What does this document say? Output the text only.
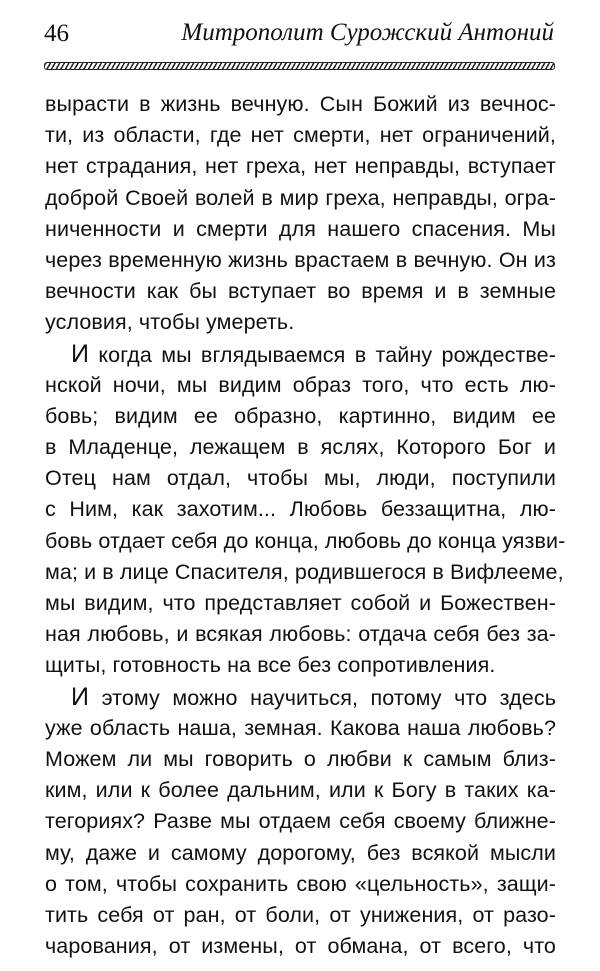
46	Митрополит Сурожский Антоний
вырасти в жизнь вечную. Сын Божий из вечнос-
ти, из области, где нет смерти, нет ограничений,
нет страдания, нет греха, нет неправды, вступает
доброй Своей волей в мир греха, неправды, огра-
ниченности и смерти для нашего спасения. Мы
через временную жизнь врастаем в вечную. Он из
вечности как бы вступает во время и в земные
условия, чтобы умереть.
И когда мы вглядываемся в тайну рождестве-
нской ночи, мы видим образ того, что есть лю-
бовь; видим ее образно, картинно, видим ее
в Младенце, лежащем в яслях, Которого Бог и
Отец нам отдал, чтобы мы, люди, поступили
с Ним, как захотим... Любовь беззащитна, лю-
бовь отдает себя до конца, любовь до конца уязви-
ма; и в лице Спасителя, родившегося в Вифлееме,
мы видим, что представляет собой и Божествен-
ная любовь, и всякая любовь: отдача себя без за-
щиты, готовность на все без сопротивления.
И этому можно научиться, потому что здесь
уже область наша, земная. Какова наша любовь?
Можем ли мы говорить о любви к самым близ-
ким, или к более дальним, или к Богу в таких ка-
тегориях? Разве мы отдаем себя своему ближне-
му, даже и самому дорогому, без всякой мысли
о том, чтобы сохранить свою «цельность», защи-
тить себя от ран, от боли, от унижения, от разо-
чарования, от измены, от обмана, от всего, что
